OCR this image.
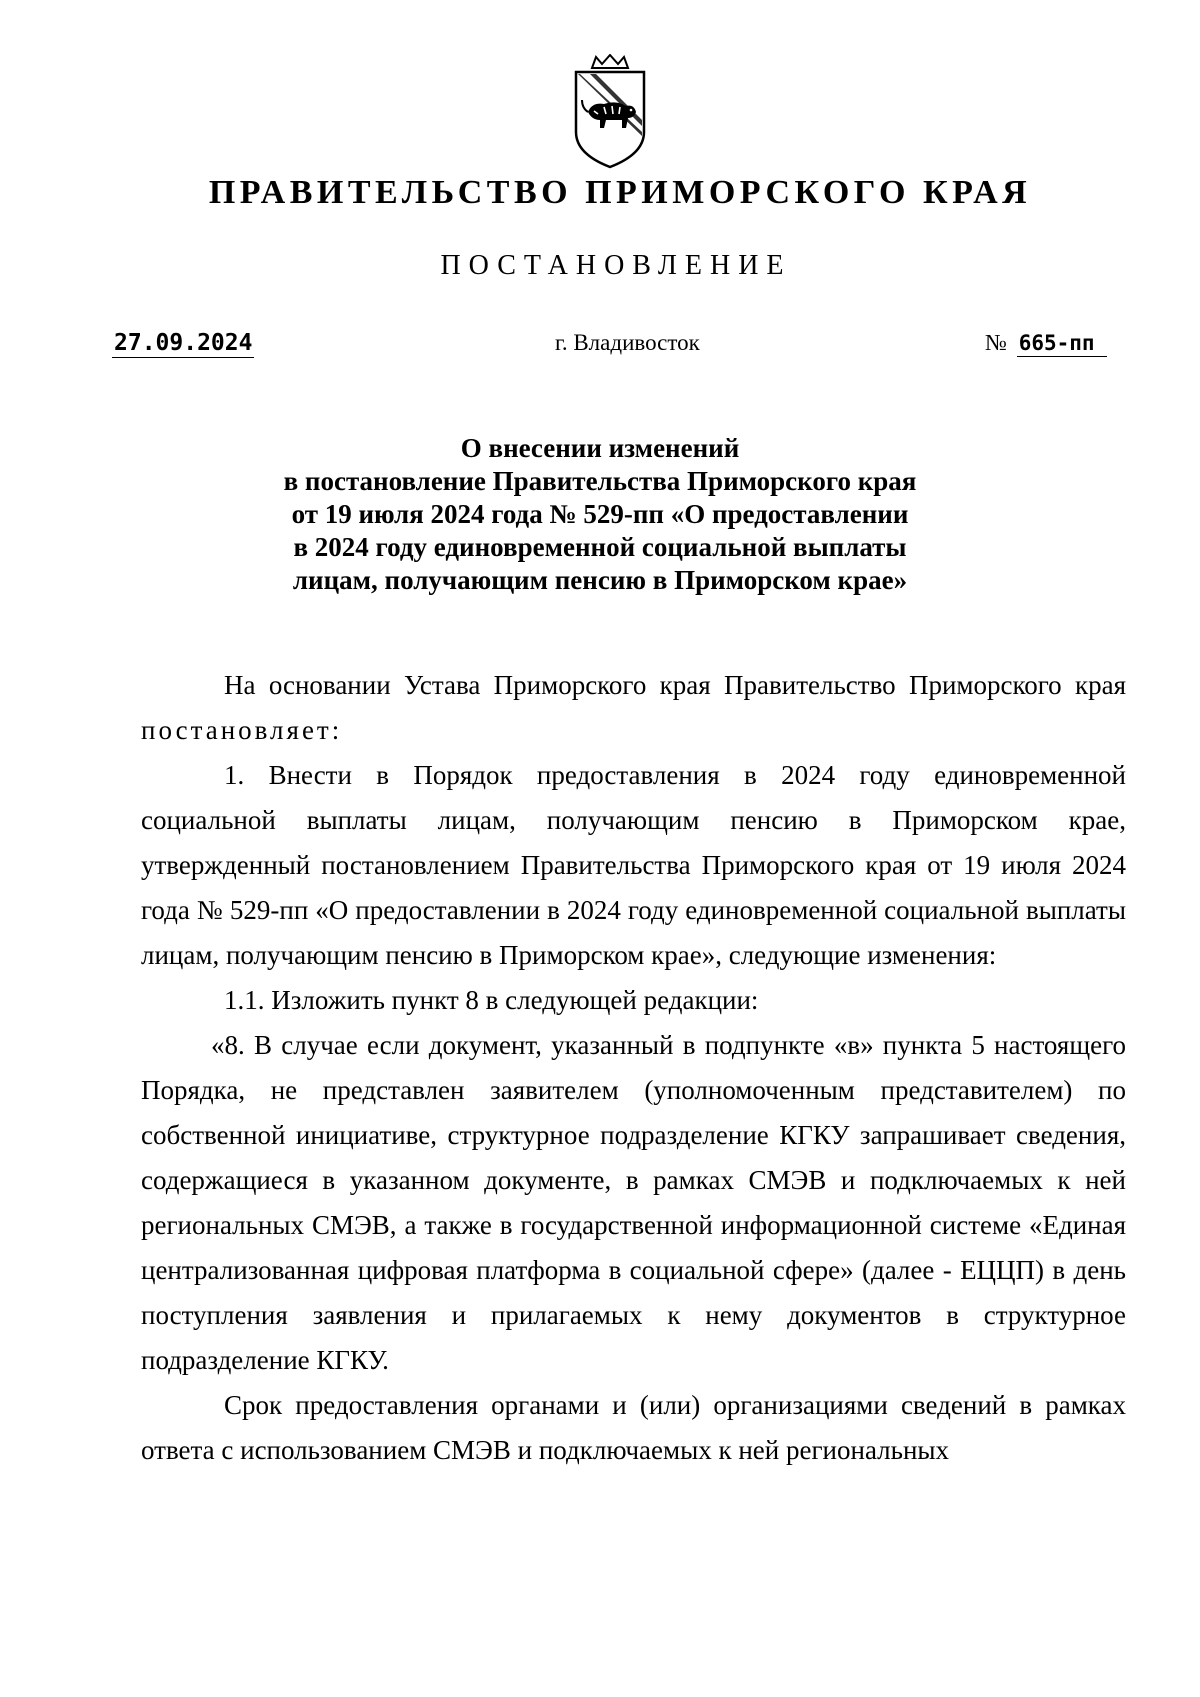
ПРАВИТЕЛЬСТВО ПРИМОРСКОГО КРАЯ
ПОСТАНОВЛЕНИЕ
27.09.2024	г. Владивосток	№ 665-пп
О внесении изменений
в постановление Правительства Приморского края
от 19 июля 2024 года № 529-пп «О предоставлении
в 2024 году единовременной социальной выплаты
лицам, получающим пенсию в Приморском крае»

На основании Устава Приморского края Правительство Приморского края постановляет:

1. Внести в Порядок предоставления в 2024 году единовременной социальной выплаты лицам, получающим пенсию в Приморском крае, утвержденный постановлением Правительства Приморского края от 19 июля 2024 года № 529-пп «О предоставлении в 2024 году единовременной социальной выплаты лицам, получающим пенсию в Приморском крае», следующие изменения:

1.1. Изложить пункт 8 в следующей редакции:

«8. В случае если документ, указанный в подпункте «в» пункта 5 настоящего Порядка, не представлен заявителем (уполномоченным представителем) по собственной инициативе, структурное подразделение КГКУ запрашивает сведения, содержащиеся в указанном документе, в рамках СМЭВ и подключаемых к ней региональных СМЭВ, а также в государственной информационной системе «Единая централизованная цифровая платформа в социальной сфере» (далее - ЕЦЦП) в день поступления заявления и прилагаемых к нему документов в структурное подразделение КГКУ.

Срок предоставления органами и (или) организациями сведений в рамках ответа с использованием СМЭВ и подключаемых к ней региональных
